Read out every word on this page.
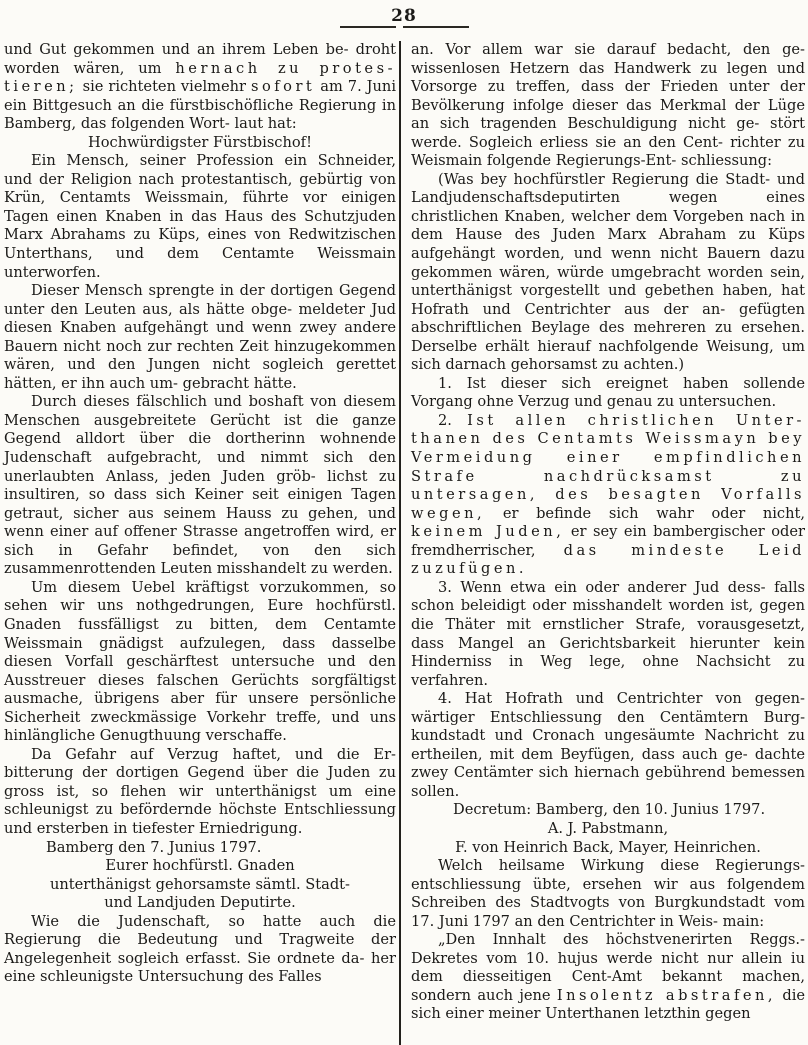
28

und Gut gekommen und an ihrem Leben be- droht worden wären, um hernach zu protes- tieren; sie richteten vielmehr sofort am 7. Juni ein Bittgesuch an die fürstbischöfliche Regierung in Bamberg, das folgenden Wort- laut hat:

Hochwürdigster Fürstbischof!

Ein Mensch, seiner Profession ein Schneider, und der Religion nach protestantisch, gebürtig von Krün, Centamts Weissmain, führte vor einigen Tagen einen Knaben in das Haus des Schutzjuden Marx Abrahams zu Küps, eines von Redwitzischen Unterthans, und dem Centamte Weissmain unterworfen.

Dieser Mensch sprengte in der dortigen Gegend unter den Leuten aus, als hätte obge- meldeter Jud diesen Knaben aufgehängt und wenn zwey andere Bauern nicht noch zur rechten Zeit hinzugekommen wären, und den Jungen nicht sogleich gerettet hätten, er ihn auch um- gebracht hätte.

Durch dieses fälschlich und boshaft von diesem Menschen ausgebreitete Gerücht ist die ganze Gegend alldort über die dortherinn wohnende Judenschaft aufgebracht, und nimmt sich den unerlaubten Anlass, jeden Juden gröb- lichst zu insultiren, so dass sich Keiner seit einigen Tagen getraut, sicher aus seinem Hauss zu gehen, und wenn einer auf offener Strasse angetroffen wird, er sich in Gefahr befindet, von den sich zusammenrottenden Leuten misshandelt zu werden.

Um diesem Uebel kräftigst vorzukommen, so sehen wir uns nothgedrungen, Eure hochfürstl. Gnaden fussfälligst zu bitten, dem Centamte Weissmain gnädigst aufzulegen, dass dasselbe diesen Vorfall geschärftest untersuche und den Ausstreuer dieses falschen Gerüchts sorgfältigst ausmache, übrigens aber für unsere persönliche Sicherheit zweckmässige Vorkehr treffe, und uns hinlängliche Genugthuung verschaffe.

Da Gefahr auf Verzug haftet, und die Er- bitterung der dortigen Gegend über die Juden zu gross ist, so flehen wir unterthänigst um eine schleunigst zu befördernde höchste Entschliessung und ersterben in tiefester Erniedrigung.

Bamberg den 7. Junius 1797.

Eurer hochfürstl. Gnaden

unterthänigst gehorsamste sämtl. Stadt-

und Landjuden Deputirte.

Wie die Judenschaft, so hatte auch die Regierung die Bedeutung und Tragweite der Angelegenheit sogleich erfasst. Sie ordnete da- her eine schleunigste Untersuchung des Falles

an. Vor allem war sie darauf bedacht, den ge- wissenlosen Hetzern das Handwerk zu legen und Vorsorge zu treffen, dass der Frieden unter der Bevölkerung infolge dieser das Merkmal der Lüge an sich tragenden Beschuldigung nicht ge- stört werde. Sogleich erliess sie an den Cent- richter zu Weismain folgende Regierungs-Ent- schliessung:

(Was bey hochfürstler Regierung die Stadt- und Landjudenschaftsdeputirten wegen eines christlichen Knaben, welcher dem Vorgeben nach in dem Hause des Juden Marx Abraham zu Küps aufgehängt worden, und wenn nicht Bauern dazu gekommen wären, würde umgebracht worden sein, unterthänigst vorgestellt und gebethen haben, hat Hofrath und Centrichter aus der an- gefügten abschriftlichen Beylage des mehreren zu ersehen. Derselbe erhält hierauf nachfolgende Weisung, um sich darnach gehorsamst zu achten.)

1. Ist dieser sich ereignet haben sollende Vorgang ohne Verzug und genau zu untersuchen.

2. Ist allen christlichen Unter- thanen des Centamts Weissmayn bey Vermeidung einer empfindlichen Strafe nachdrücksamst zu untersagen, des besagten Vorfalls wegen, er befinde sich wahr oder nicht, keinem Juden, er sey ein bambergischer oder fremdherrischer, das mindeste Leid zuzufügen.

3. Wenn etwa ein oder anderer Jud dess- falls schon beleidigt oder misshandelt worden ist, gegen die Thäter mit ernstlicher Strafe, vorausgesetzt, dass Mangel an Gerichtsbarkeit hierunter kein Hinderniss in Weg lege, ohne Nachsicht zu verfahren.

4. Hat Hofrath und Centrichter von gegen- wärtiger Entschliessung den Centämtern Burg- kundstadt und Cronach ungesäumte Nachricht zu ertheilen, mit dem Beyfügen, dass auch ge- dachte zwey Centämter sich hiernach gebührend bemessen sollen.

Decretum: Bamberg, den 10. Junius 1797.

A. J. Pabstmann,

F. von Heinrich Back, Mayer, Heinrichen.

Welch heilsame Wirkung diese Regierungs- entschliessung übte, ersehen wir aus folgendem Schreiben des Stadtvogts von Burgkundstadt vom 17. Juni 1797 an den Centrichter in Weis- main:

„Den Innhalt des höchstvenerirten Reggs.- Dekretes vom 10. hujus werde nicht nur allein iu dem diesseitigen Cent-Amt bekannt machen, sondern auch jene Insolentz abstrafen, die sich einer meiner Unterthanen letzthin gegen
